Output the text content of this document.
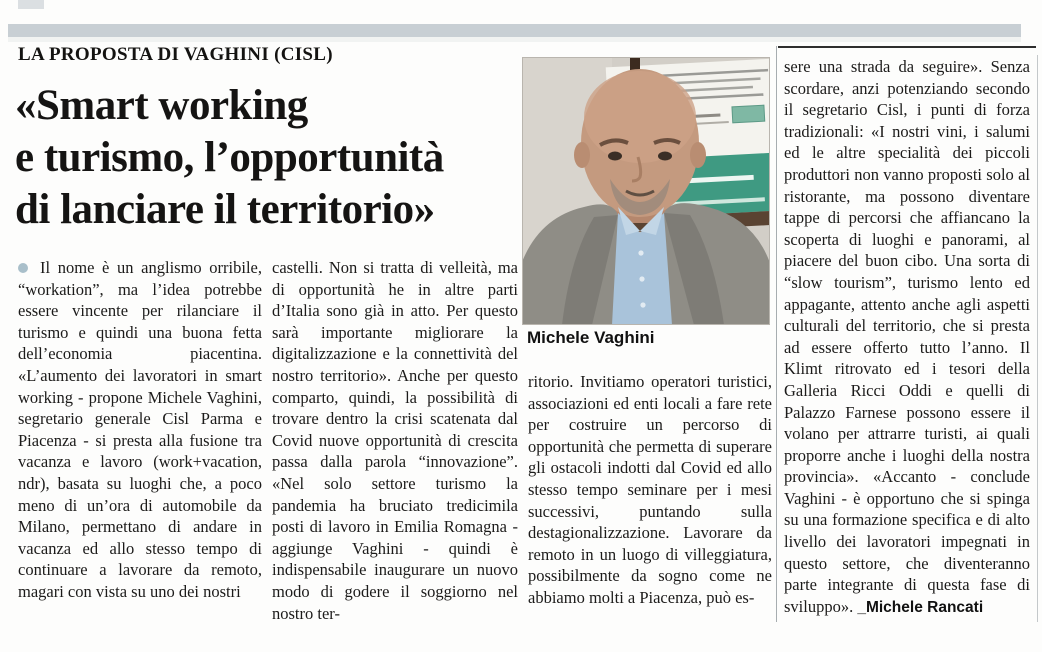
LA PROPOSTA DI VAGHINI (CISL)
«Smart working
e turismo, l’opportunità
di lanciare il territorio»
Il nome è un anglismo orribile, “workation”, ma l’idea potrebbe essere vincente per rilanciare il turismo e quindi una buona fetta dell’economia piacentina. «L’aumento dei lavoratori in smart working - propone Michele Vaghini, segretario generale Cisl Parma e Piacenza - si presta alla fusione tra vacanza e lavoro (work+vacation, ndr), basata su luoghi che, a poco meno di un’ora di automobile da Milano, permettano di andare in vacanza ed allo stesso tempo di continuare a lavorare da remoto, magari con vista su uno dei nostri
castelli. Non si tratta di velleità, ma di opportunità he in altre parti d’Italia sono già in atto. Per questo sarà importante migliorare la digitalizzazione e la connettività del nostro territorio». Anche per questo comparto, quindi, la possibilità di trovare dentro la crisi scatenata dal Covid nuove opportunità di crescita passa dalla parola “innovazione”. «Nel solo settore turismo la pandemia ha bruciato tredicimila posti di lavoro in Emilia Romagna - aggiunge Vaghini - quindi è indispensabile inaugurare un nuovo modo di godere il soggiorno nel nostro ter-
Michele Vaghini
ritorio. Invitiamo operatori turistici, associazioni ed enti locali a fare rete per costruire un percorso di opportunità che permetta di superare gli ostacoli indotti dal Covid ed allo stesso tempo seminare per i mesi successivi, puntando sulla destagionalizzazione. Lavorare da remoto in un luogo di villeggiatura, possibilmente da sogno come ne abbiamo molti a Piacenza, può es-
sere una strada da seguire». Senza scordare, anzi potenziando secondo il segretario Cisl, i punti di forza tradizionali: «I nostri vini, i salumi ed le altre specialità dei piccoli produttori non vanno proposti solo al ristorante, ma possono diventare tappe di percorsi che affiancano la scoperta di luoghi e panorami, al piacere del buon cibo. Una sorta di “slow tourism”, turismo lento ed appagante, attento anche agli aspetti culturali del territorio, che si presta ad essere offerto tutto l’anno. Il Klimt ritrovato ed i tesori della Galleria Ricci Oddi e quelli di Palazzo Farnese possono essere il volano per attrarre turisti, ai quali proporre anche i luoghi della nostra provincia». «Accanto - conclude Vaghini - è opportuno che si spinga su una formazione specifica e di alto livello dei lavoratori impegnati in questo settore, che diventeranno parte integrante di questa fase di sviluppo». _Michele Rancati
